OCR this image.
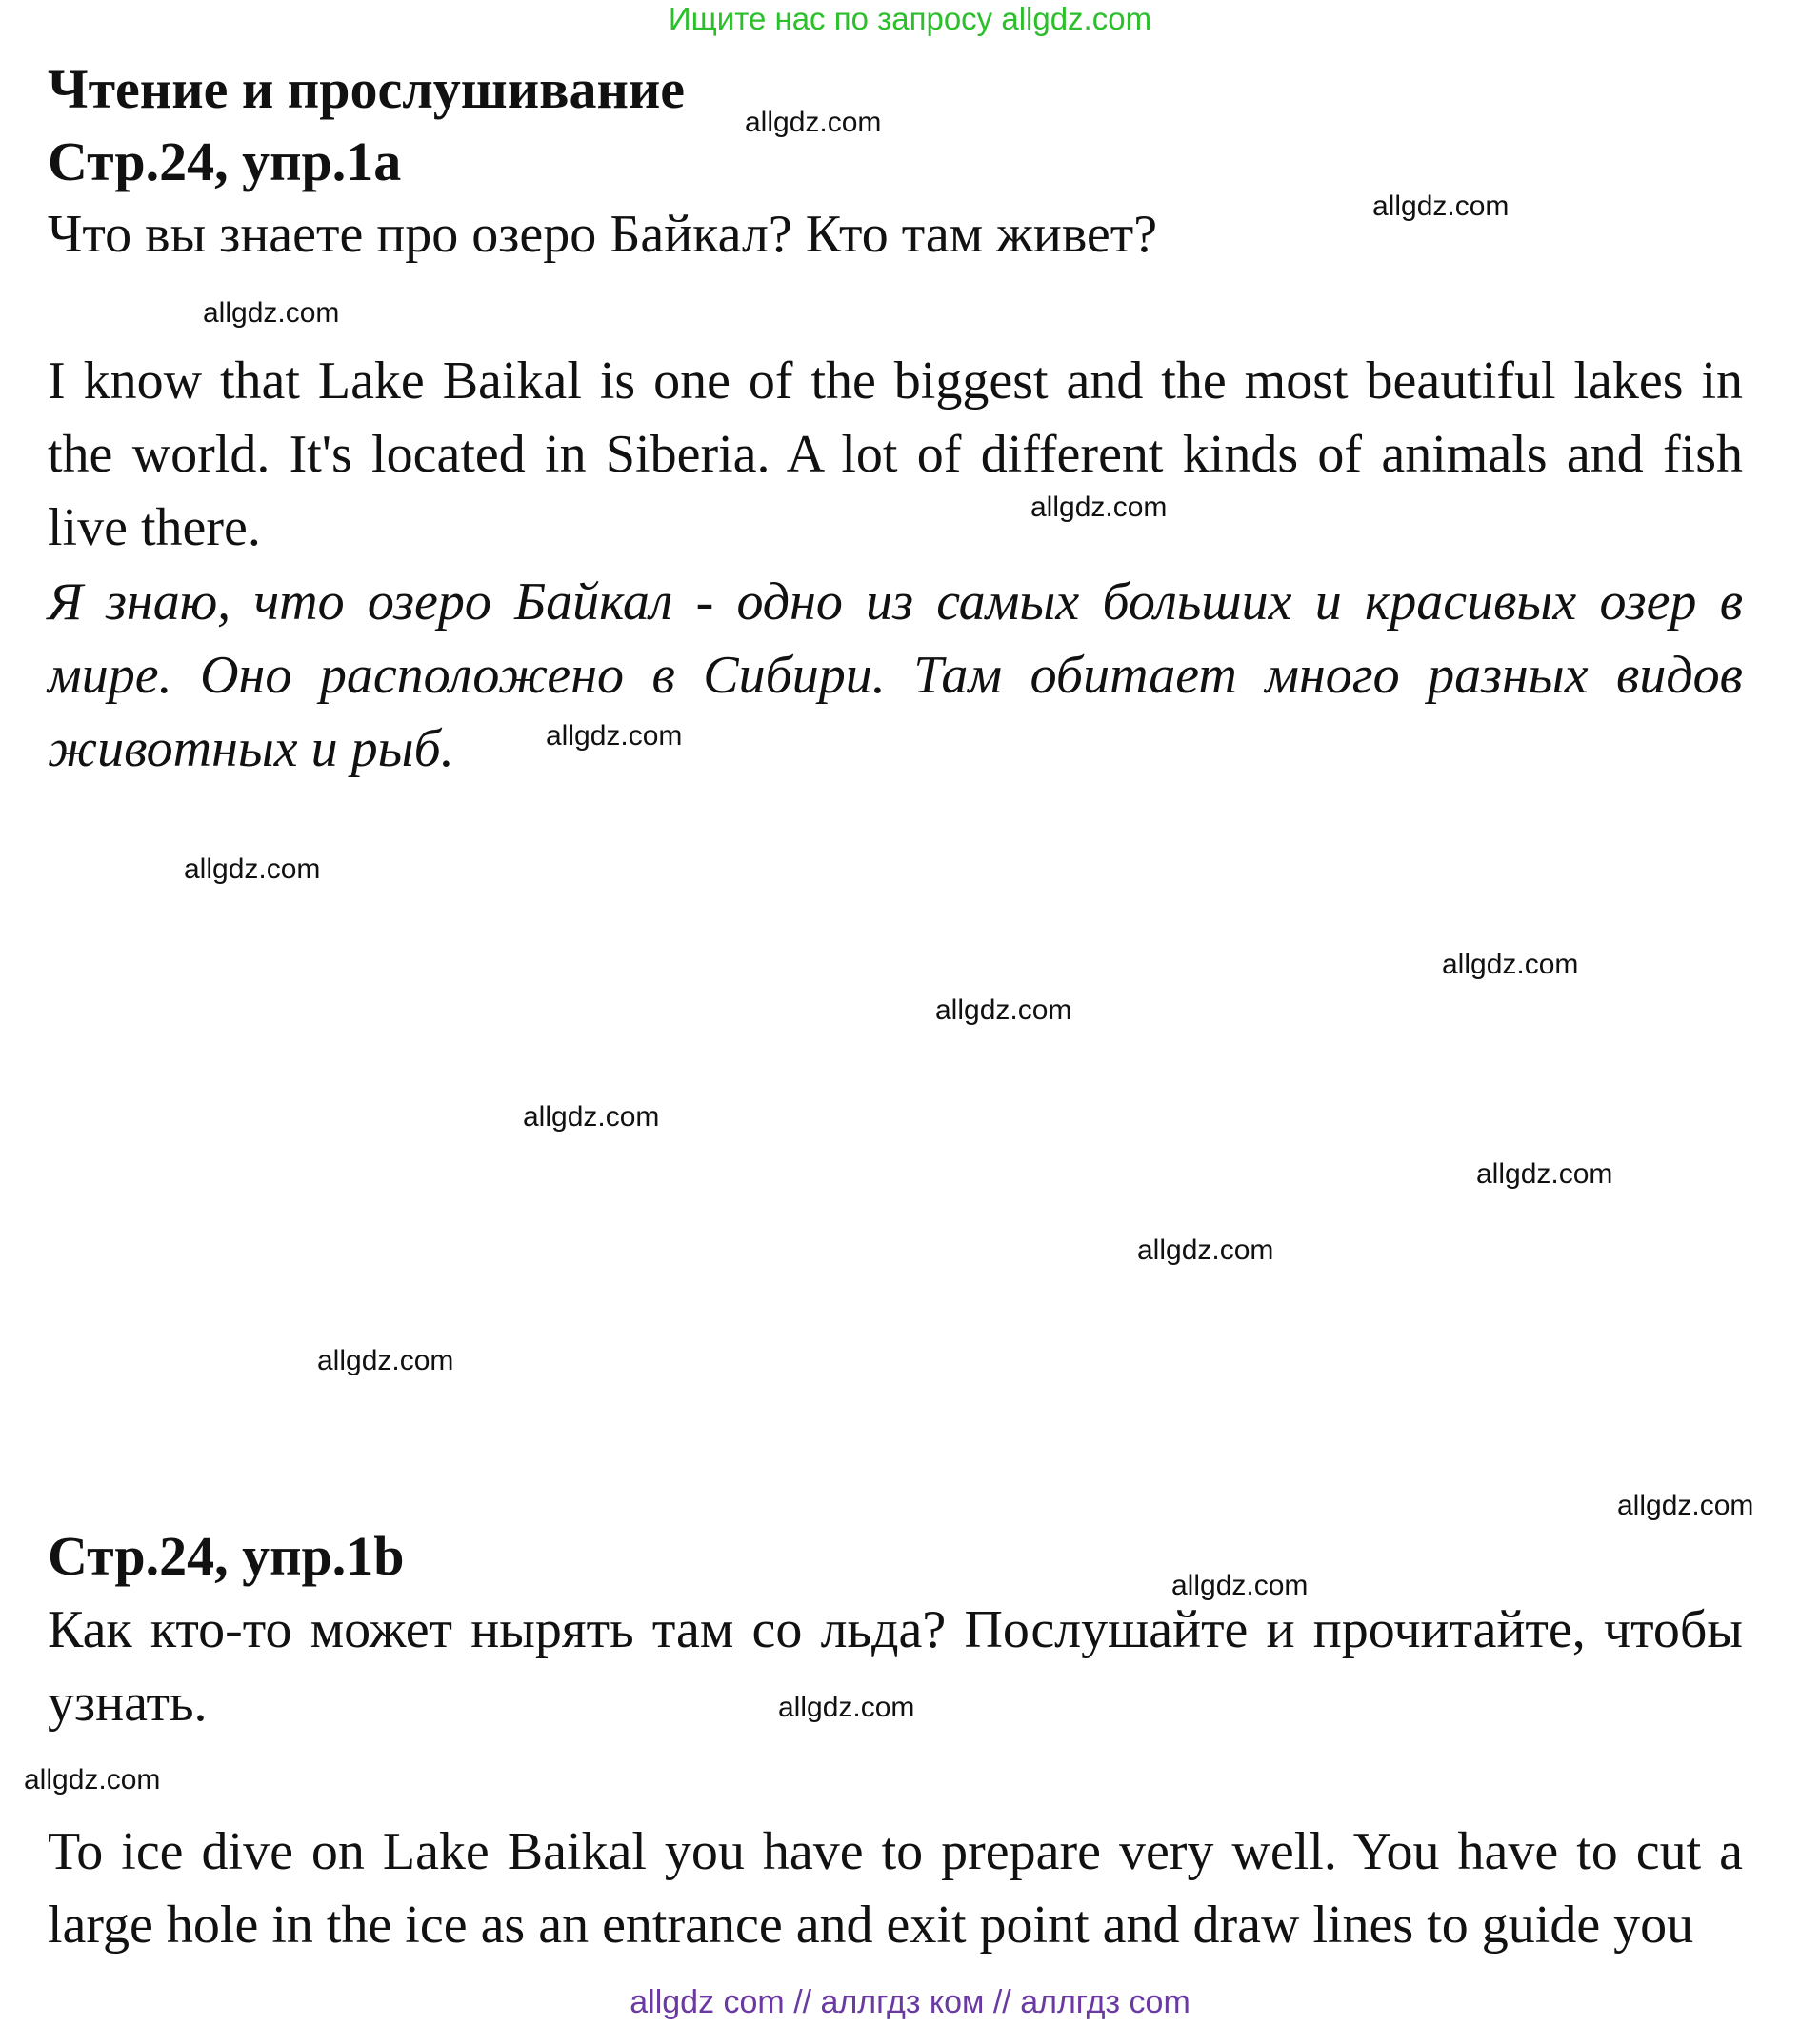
Ищите нас по запросу allgdz.com
Чтение и прослушивание
Стр.24, упр.1a

Что вы знаете про озеро Байкал? Кто там живет?

I know that Lake Baikal is one of the biggest and the most beautiful lakes in the world. It's located in Siberia. A lot of different kinds of animals and fish live there.

Я знаю, что озеро Байкал - одно из самых больших и красивых озер в мире. Оно расположено в Сибири. Там обитает много разных видов животных и рыб.

Стр.24, упр.1b

Как кто-то может нырять там со льда? Послушайте и прочитайте, чтобы узнать.

To ice dive on Lake Baikal you have to prepare very well. You have to cut a large hole in the ice as an entrance and exit point and draw lines to guide you

allgdz.com
allgdz.com
allgdz.com
allgdz.com
allgdz.com
allgdz.com
allgdz.com
allgdz.com
allgdz.com
allgdz.com
allgdz.com
allgdz.com
allgdz.com
allgdz.com
allgdz.com
allgdz.com
allgdz com // аллгдз ком // аллгдз com
